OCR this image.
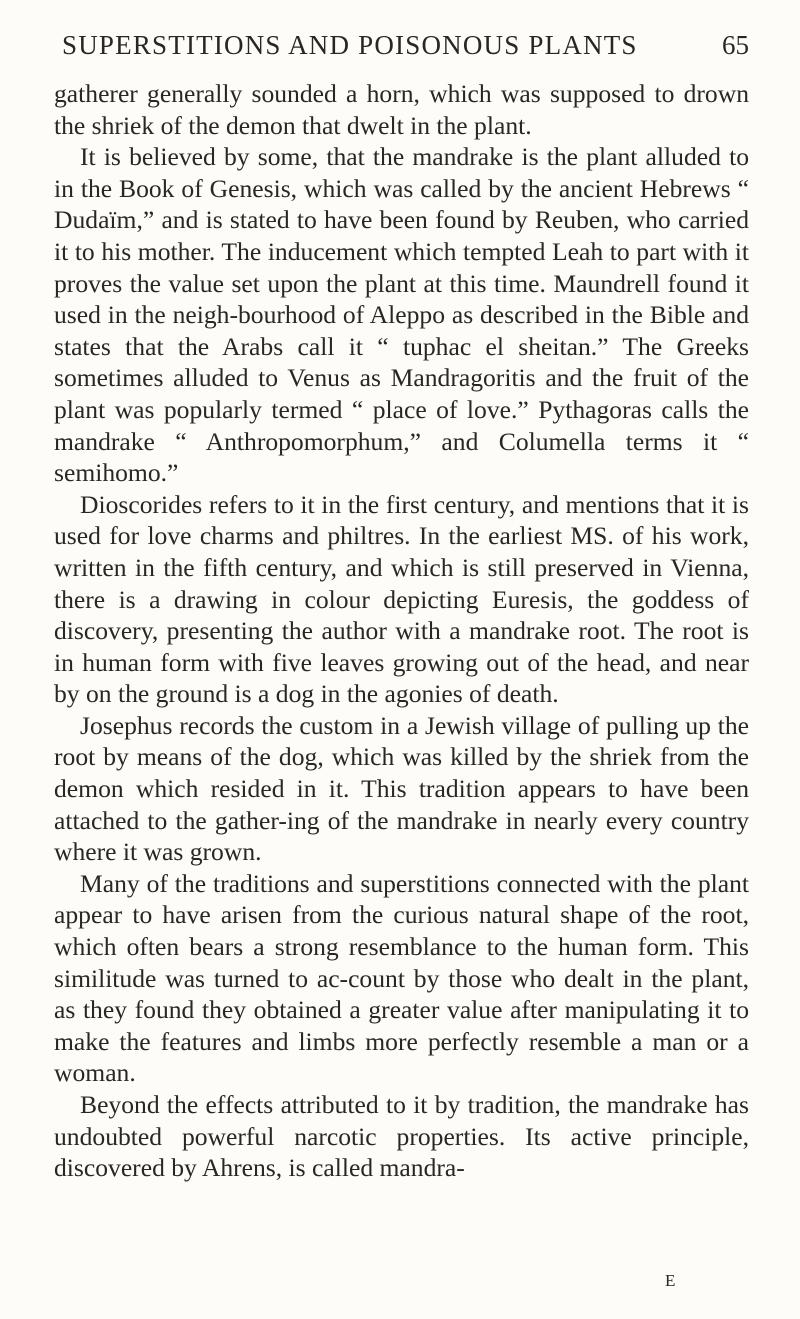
SUPERSTITIONS AND POISONOUS PLANTS	65

gatherer generally sounded a horn, which was supposed to drown the shriek of the demon that dwelt in the plant.

It is believed by some, that the mandrake is the plant alluded to in the Book of Genesis, which was called by the ancient Hebrews “ Dudaïm,” and is stated to have been found by Reuben, who carried it to his mother. The inducement which tempted Leah to part with it proves the value set upon the plant at this time. Maundrell found it used in the neigh-bourhood of Aleppo as described in the Bible and states that the Arabs call it “ tuphac el sheitan.” The Greeks sometimes alluded to Venus as Mandragoritis and the fruit of the plant was popularly termed “ place of love.” Pythagoras calls the mandrake “ Anthropomorphum,” and Columella terms it “ semihomo.”

Dioscorides refers to it in the first century, and mentions that it is used for love charms and philtres. In the earliest MS. of his work, written in the fifth century, and which is still preserved in Vienna, there is a drawing in colour depicting Euresis, the goddess of discovery, presenting the author with a mandrake root. The root is in human form with five leaves growing out of the head, and near by on the ground is a dog in the agonies of death.

Josephus records the custom in a Jewish village of pulling up the root by means of the dog, which was killed by the shriek from the demon which resided in it. This tradition appears to have been attached to the gather-ing of the mandrake in nearly every country where it was grown.

Many of the traditions and superstitions connected with the plant appear to have arisen from the curious natural shape of the root, which often bears a strong resemblance to the human form. This similitude was turned to ac-count by those who dealt in the plant, as they found they obtained a greater value after manipulating it to make the features and limbs more perfectly resemble a man or a woman.

Beyond the effects attributed to it by tradition, the mandrake has undoubted powerful narcotic properties. Its active principle, discovered by Ahrens, is called mandra-

E
